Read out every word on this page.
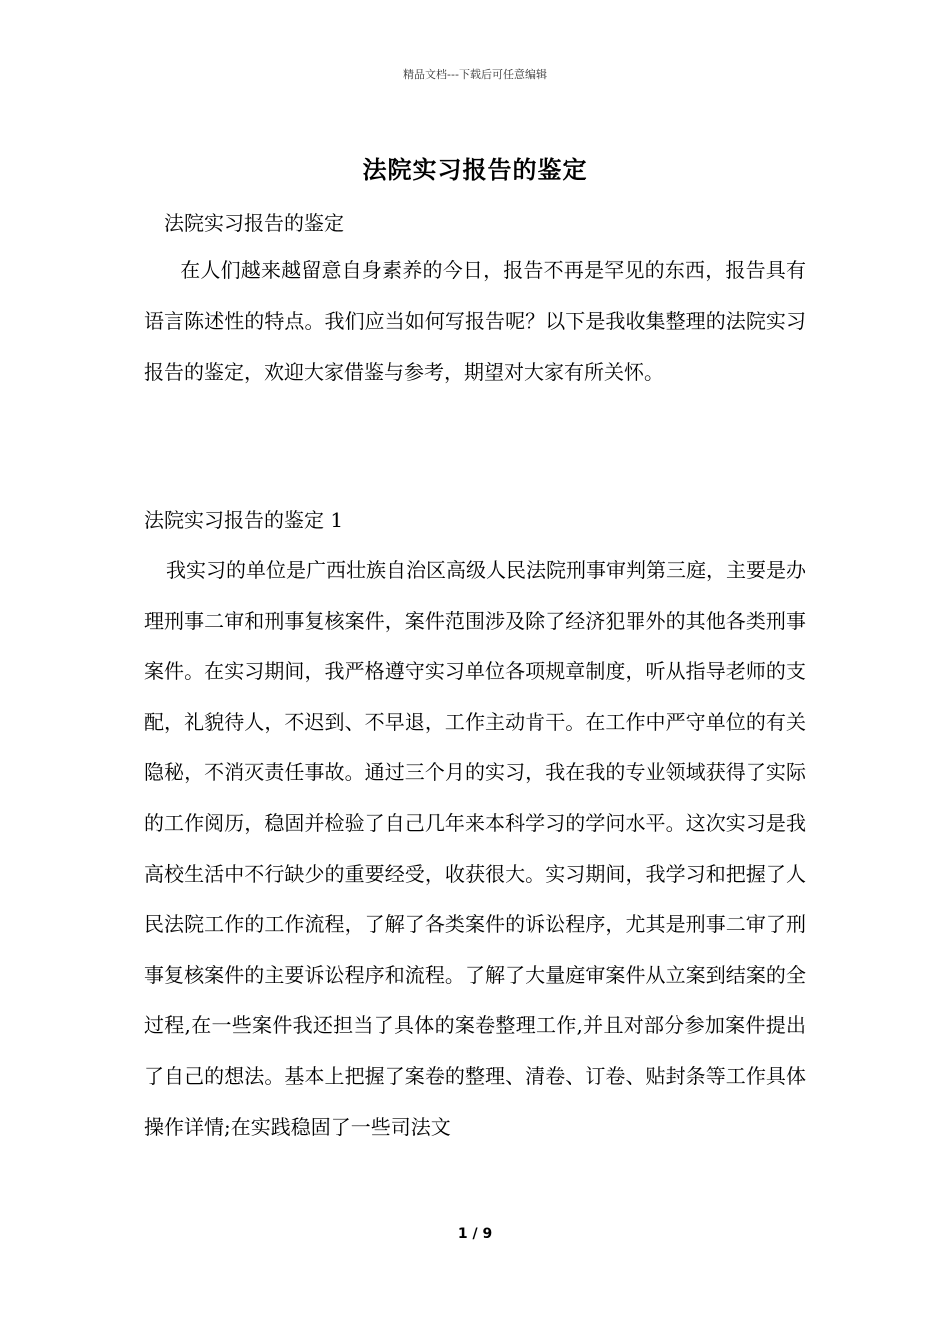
精品文档---下载后可任意编辑
法院实习报告的鉴定
法院实习报告的鉴定

在人们越来越留意自身素养的今日，报告不再是罕见的东西，报告具有语言陈述性的特点。我们应当如何写报告呢？以下是我收集整理的法院实习报告的鉴定，欢迎大家借鉴与参考，期望对大家有所关怀。

法院实习报告的鉴定 1

我实习的单位是广西壮族自治区高级人民法院刑事审判第三庭，主要是办理刑事二审和刑事复核案件，案件范围涉及除了经济犯罪外的其他各类刑事案件。在实习期间，我严格遵守实习单位各项规章制度，听从指导老师的支配，礼貌待人，不迟到、不早退，工作主动肯干。在工作中严守单位的有关隐秘，不消灭责任事故。通过三个月的实习，我在我的专业领域获得了实际的工作阅历，稳固并检验了自己几年来本科学习的学问水平。这次实习是我高校生活中不行缺少的重要经受，收获很大。实习期间，我学习和把握了人民法院工作的工作流程，了解了各类案件的诉讼程序，尤其是刑事二审了刑事复核案件的主要诉讼程序和流程。了解了大量庭审案件从立案到结案的全过程,在一些案件我还担当了具体的案卷整理工作,并且对部分参加案件提出了自己的想法。基本上把握了案卷的整理、清卷、订卷、贴封条等工作具体操作详情;在实践稳固了一些司法文

1 / 9
